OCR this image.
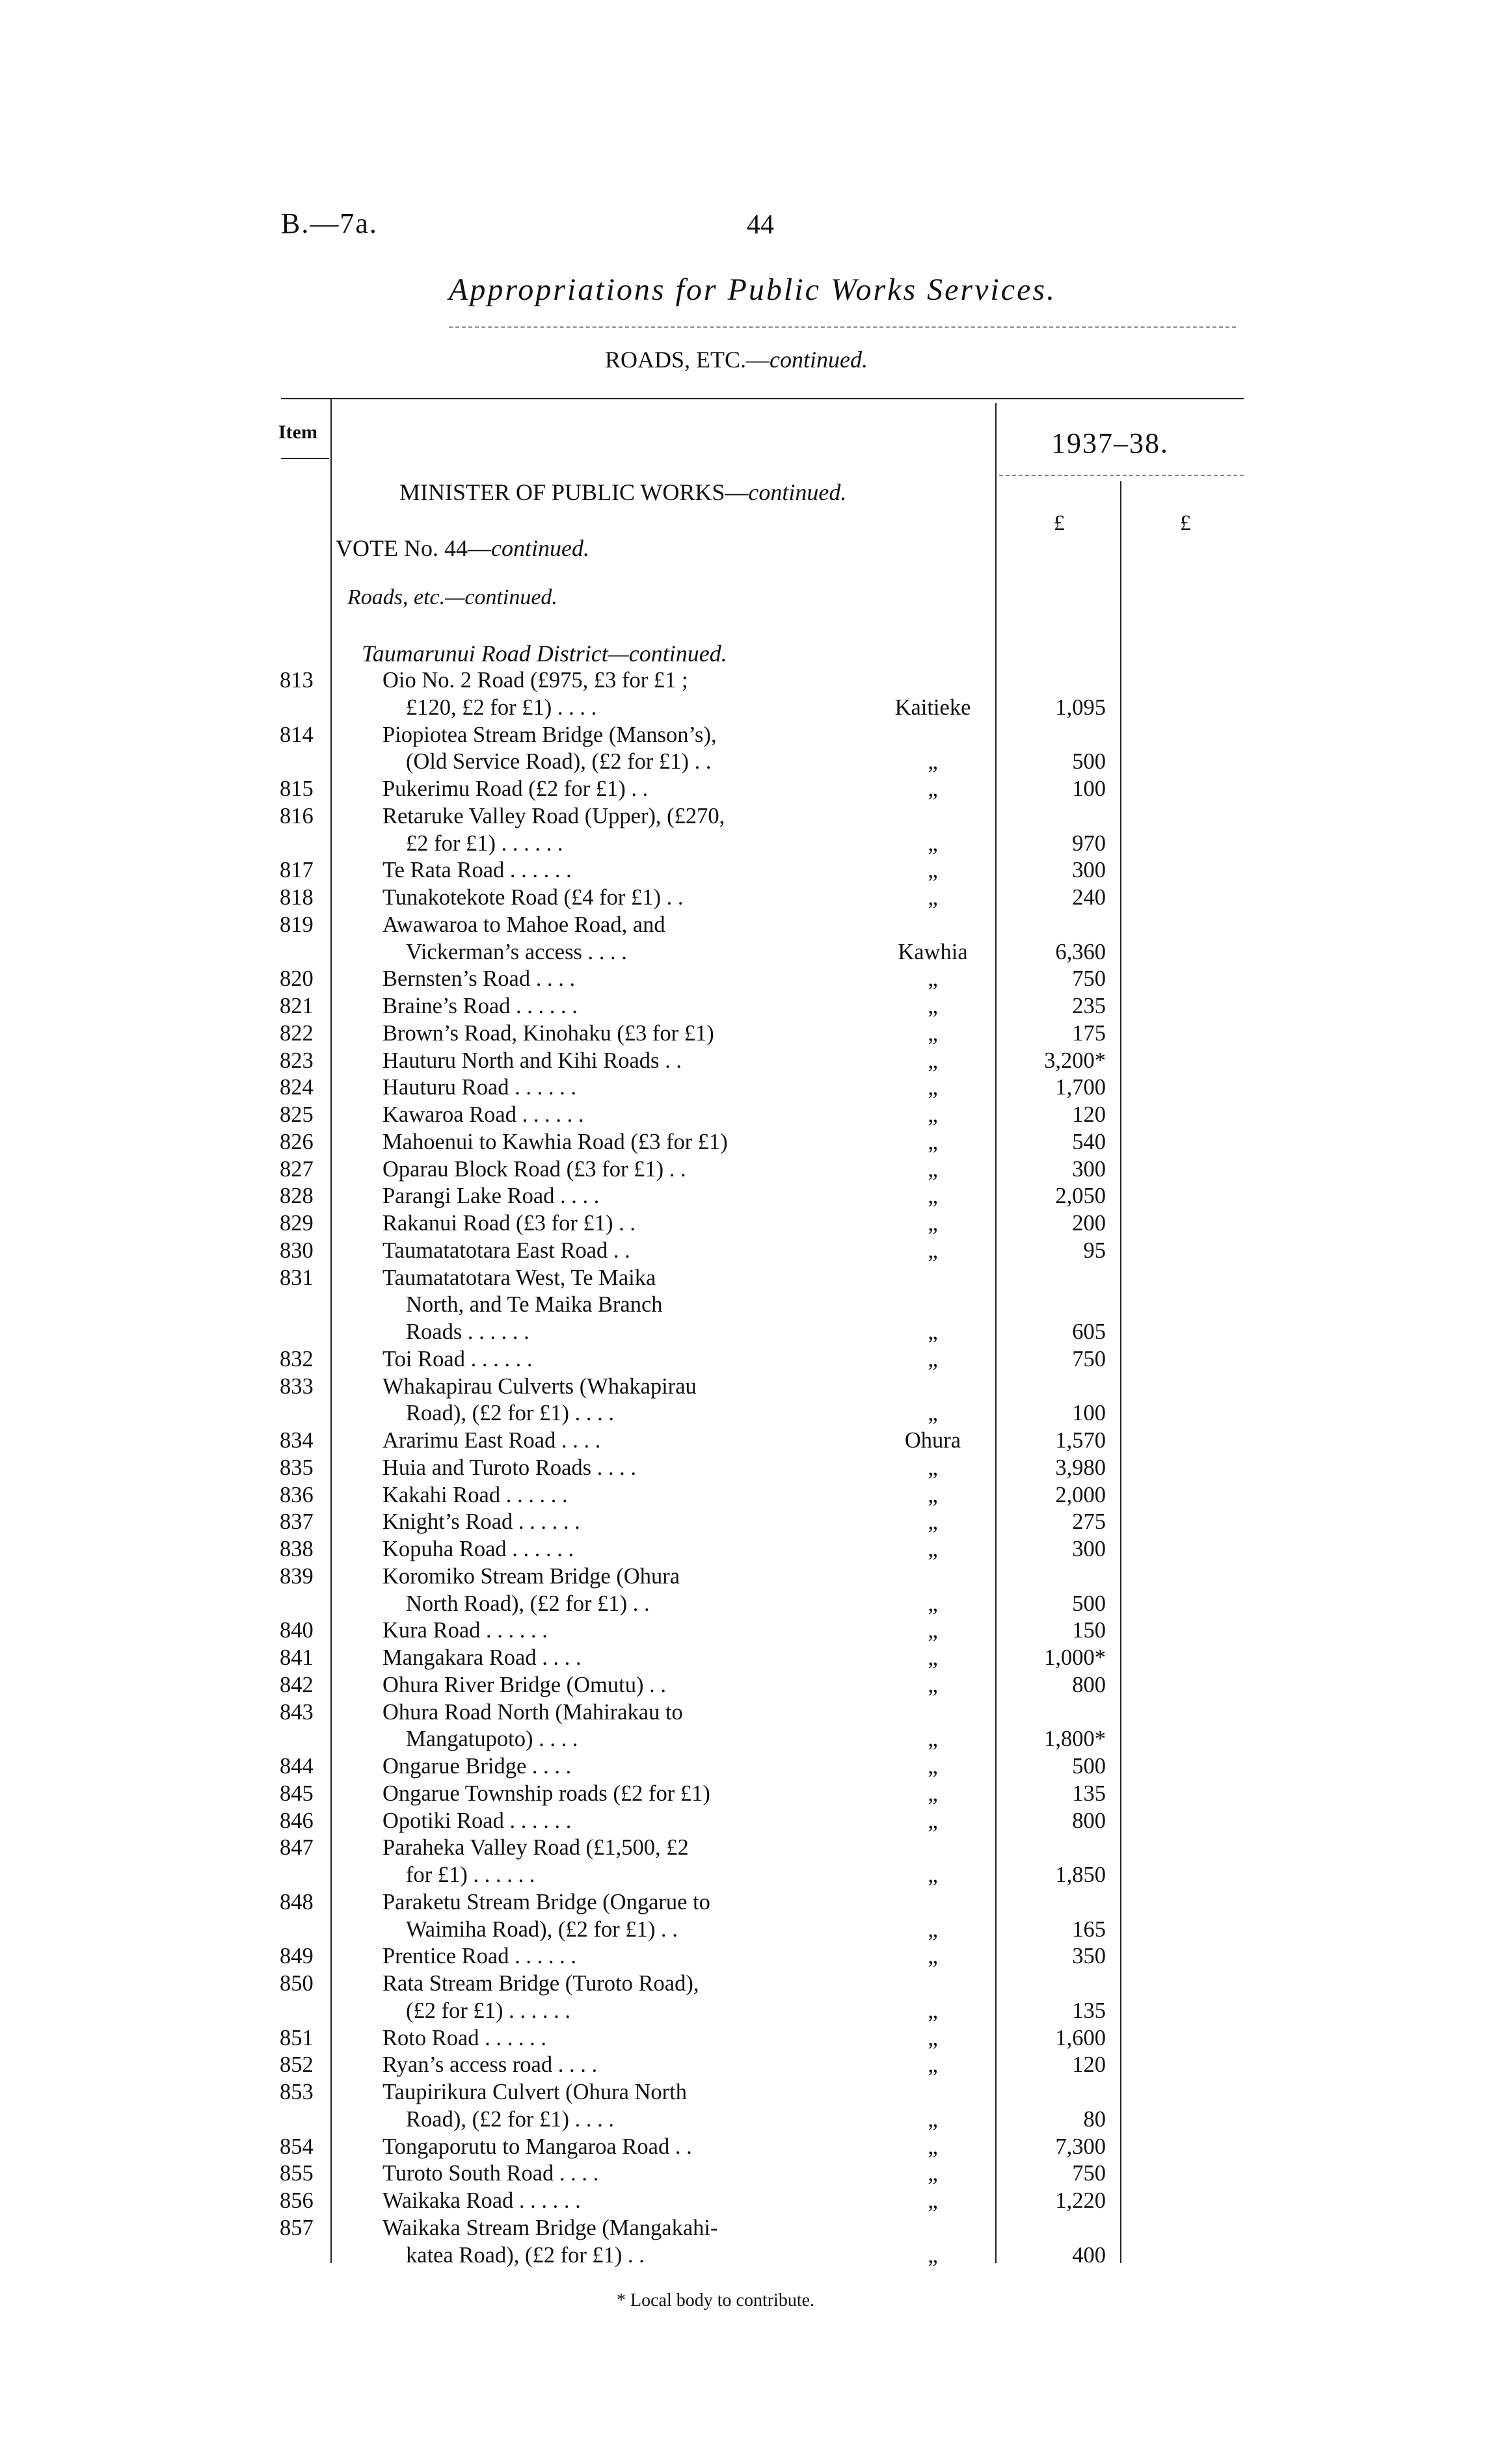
B.—7a.	44
Appropriations for Public Works Services.
ROADS, ETC.—continued.
Item	1937–38.
£	£
MINISTER OF PUBLIC WORKS—continued.
VOTE No. 44—continued.
Roads, etc.—continued.
Taumarunui Road District—continued.
813	Oio No. 2 Road (£975, £3 for £1 ;
£120, £2 for £1) . . . .	Kaitieke	1,095
814	Piopiotea Stream Bridge (Manson’s),
(Old Service Road), (£2 for £1) . .	„	500
815	Pukerimu Road (£2 for £1) . .	„	100
816	Retaruke Valley Road (Upper), (£270,
£2 for £1) . . . . . .	„	970
817	Te Rata Road . . . . . .	„	300
818	Tunakotekote Road (£4 for £1) . .	„	240
819	Awawaroa to Mahoe Road, and
Vickerman’s access . . . .	Kawhia	6,360
820	Bernsten’s Road . . . .	„	750
821	Braine’s Road . . . . . .	„	235
822	Brown’s Road, Kinohaku (£3 for £1)	„	175
823	Hauturu North and Kihi Roads . .	„	3,200*
824	Hauturu Road . . . . . .	„	1,700
825	Kawaroa Road . . . . . .	„	120
826	Mahoenui to Kawhia Road (£3 for £1)	„	540
827	Oparau Block Road (£3 for £1) . .	„	300
828	Parangi Lake Road . . . .	„	2,050
829	Rakanui Road (£3 for £1) . .	„	200
830	Taumatatotara East Road . .	„	95
831	Taumatatotara West, Te Maika
North, and Te Maika Branch
Roads . . . . . .	„	605
832	Toi Road . . . . . .	„	750
833	Whakapirau Culverts (Whakapirau
Road), (£2 for £1) . . . .	„	100
834	Ararimu East Road . . . .	Ohura	1,570
835	Huia and Turoto Roads . . . .	„	3,980
836	Kakahi Road . . . . . .	„	2,000
837	Knight’s Road . . . . . .	„	275
838	Kopuha Road . . . . . .	„	300
839	Koromiko Stream Bridge (Ohura
North Road), (£2 for £1) . .	„	500
840	Kura Road . . . . . .	„	150
841	Mangakara Road . . . .	„	1,000*
842	Ohura River Bridge (Omutu) . .	„	800
843	Ohura Road North (Mahirakau to
Mangatupoto) . . . .	„	1,800*
844	Ongarue Bridge . . . .	„	500
845	Ongarue Township roads (£2 for £1)	„	135
846	Opotiki Road . . . . . .	„	800
847	Paraheka Valley Road (£1,500, £2
for £1) . . . . . .	„	1,850
848	Paraketu Stream Bridge (Ongarue to
Waimiha Road), (£2 for £1) . .	„	165
849	Prentice Road . . . . . .	„	350
850	Rata Stream Bridge (Turoto Road),
(£2 for £1) . . . . . .	„	135
851	Roto Road . . . . . .	„	1,600
852	Ryan’s access road . . . .	„	120
853	Taupirikura Culvert (Ohura North
Road), (£2 for £1) . . . .	„	80
854	Tongaporutu to Mangaroa Road . .	„	7,300
855	Turoto South Road . . . .	„	750
856	Waikaka Road . . . . . .	„	1,220
857	Waikaka Stream Bridge (Mangakahi-
katea Road), (£2 for £1) . .	„	400
* Local body to contribute.
